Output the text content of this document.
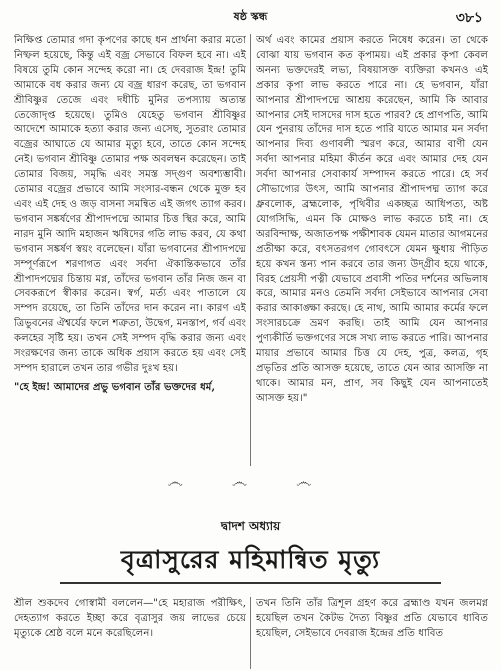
ষষ্ঠ স্কন্ধ	৩৮১

নিক্ষিপ্ত তোমার গদা কৃপণের কাছে ধন প্রার্থনা করার মতো নিষ্ফল হয়েছে, কিন্তু এই বজ্র সেভাবে বিফল হবে না। এই বিষয়ে তুমি কোন সন্দেহ করো না। হে দেবরাজ ইন্দ্র! তুমি আমাকে বধ করার জন্য যে বজ্র ধারণ করেছ, তা ভগবান শ্রীবিষ্ণুর তেজে এবং দধীচি মুনির তপস্যায় অত্যন্ত তেজোদৃপ্ত হয়েছে। তুমিও যেহেতু ভগবান শ্রীবিষ্ণুর আদেশে আমাকে হত্যা করার জন্য এসেছ, সুতরাং তোমার বজ্রের আঘাতে যে আমার মৃত্যু হবে, তাতে কোন সন্দেহ নেই। ভগবান শ্রীবিষ্ণু তোমার পক্ষ অবলম্বন করেছেন। তাই তোমার বিজয়, সমৃদ্ধি এবং সমস্ত সদ্গুণ অবশ্যম্ভাবী। তোমার বজ্রের প্রভাবে আমি সংসার-বন্ধন থেকে মুক্ত হব এবং এই দেহ ও জড় বাসনা সমন্বিত এই জগৎ ত্যাগ করব। ভগবান সঙ্কর্ষণের শ্রীপাদপদ্মে আমার চিত্ত স্থির করে, আমি নারদ মুনি আদি মহাজন ঋষিদের গতি লাভ করব, যে কথা ভগবান সঙ্কর্ষণ স্বয়ং বলেছেন। যাঁরা ভগবানের শ্রীপাদপদ্মে সম্পূর্ণরূপে শরণাগত এবং সর্বদা ঐকান্তিকভাবে তাঁর শ্রীপাদপদ্মের চিন্তায় মগ্ন, তাঁদের ভগবান তাঁর নিজ জন বা সেবকরূপে স্বীকার করেন। স্বর্গ, মর্ত্য এবং পাতালে যে সম্পদ রয়েছে, তা তিনি তাঁদের দান করেন না। কারণ এই ত্রিভুবনের ঐশ্বর্যের ফলে শত্রুতা, উদ্বেগ, মনস্তাপ, গর্ব এবং কলহের সৃষ্টি হয়। তখন সেই সম্পদ বৃদ্ধি করার জন্য এবং সংরক্ষণের জন্য তাকে অধিক প্রয়াস করতে হয় এবং সেই সম্পদ হারালে তখন তার গভীর দুঃখ হয়।

"হে ইন্দ্র! আমাদের প্রভু ভগবান তাঁর ভক্তদের ধর্ম,

অর্থ এবং কামের প্রয়াস করতে নিষেধ করেন। তা থেকে বোঝা যায় ভগবান কত কৃপাময়। এই প্রকার কৃপা কেবল অনন্য ভক্তদেরই লভ্য, বিষয়াসক্ত ব্যক্তিরা কখনও এই প্রকার কৃপা লাভ করতে পারে না। হে ভগবান, যাঁরা আপনার শ্রীপাদপদ্মে আশ্রয় করেছেন, আমি কি আবার আপনার সেই দাসদের দাস হতে পারব? হে প্রাণপতি, আমি যেন পুনরায় তাঁদের দাস হতে পারি যাতে আমার মন সর্বদা আপনার দিব্য গুণাবলী স্মরণ করে, আমার বাণী যেন সর্বদা আপনার মহিমা কীর্তন করে এবং আমার দেহ যেন সর্বদা আপনার সেবাকার্য সম্পাদন করতে পারে। হে সর্ব সৌভাগ্যের উৎস, আমি আপনার শ্রীপাদপদ্ম ত্যাগ করে ধ্রুবলোক, ব্রহ্মলোক, পৃথিবীর একচ্ছত্র আধিপত্য, অষ্ট যোগসিদ্ধি, এমন কি মোক্ষও লাভ করতে চাই না। হে অরবিন্দাক্ষ, অজাতপক্ষ পক্ষীশাবক যেমন মাতার আগমনের প্রতীক্ষা করে, বৎসতরগণ গোবৎসে যেমন ক্ষুধায় পীড়িত হয়ে কখন স্তন্য পান করবে তার জন্য উদ্গ্রীব হয়ে থাকে, বিরহ প্রেয়সী পত্নী যেভাবে প্রবাসী পতির দর্শনের অভিলাষ করে, আমার মনও তেমনি সর্বদা সেইভাবে আপনার সেবা করার আকাঙ্ক্ষা করছে। হে নাথ, আমি আমার কর্মের ফলে সংসারচক্রে ভ্রমণ করছি। তাই আমি যেন আপনার পুণ্যকীর্তি ভক্তগণের সঙ্গে সখ্য লাভ করতে পারি। আপনার মায়ার প্রভাবে আমার চিত্ত যে দেহ, পুত্র, কলত্র, গৃহ প্রভৃতির প্রতি আসক্ত হয়েছে, তাতে যেন আর আসক্তি না থাকে। আমার মন, প্রাণ, সব কিছুই যেন আপনাতেই আসক্ত হয়।"

෴ ෴ ෴
দ্বাদশ অধ্যায়
বৃত্রাসুরের মহিমান্বিত মৃত্যু

শ্রীল শুকদেব গোস্বামী বললেন—"হে মহারাজ পরীক্ষিৎ, দেহত্যাগ করতে ইচ্ছা করে বৃত্রাসুর জয় লাভের চেয়ে মৃত্যুকে শ্রেষ্ঠ বলে মনে করেছিলেন।

তখন তিনি তাঁর ত্রিশূল গ্রহণ করে ব্রহ্মাণ্ড যখন জলমগ্ন হয়েছিল তখন কৈটভ দৈত্য বিষ্ণুর প্রতি যেভাবে ধাবিত হয়েছিল, সেইভাবে দেবরাজ ইন্দ্রের প্রতি ধাবিত
